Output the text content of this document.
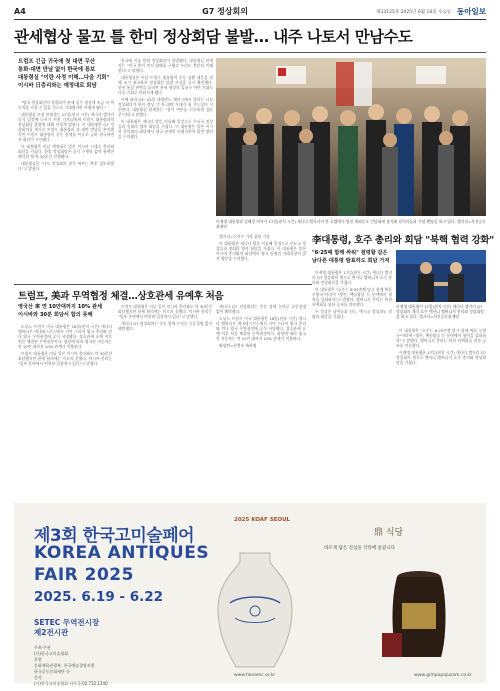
A4	G7 정상회의	제33125호 2025년 6월 18일 수요일 동아일보
관세협상 물꼬 틀 한미 정상회담 불발… 내주 나토서 만남수도
트럼프 긴급 귀국에 첫 대면 무산
통화·대면 만남 없이 한국에 통보
대통령실 "이란 사정 이해…다음 기회"
이시바 日총리와는 예정대로 회담

"양국 정상회담이 불발되며 관세 실무 협상에 조금 더 역동력을 가할 수 있을 것으로 기대했지만 아쉽게 됐다."

대통령실 고위 관계자는 17일(현지 시간) 캐나다 캘거리 공식 일정에 나서기 직전 기자들에게 트럼프 대통령과의 정상회담 불발에 대해 이렇게 밝혔다. 이 대통령은 G7 정상회의를 계기로 트럼프 대통령과 첫 대면 만남을 추진했지만 트럼프 대통령이 중동 정세를 이유로 급히 귀국하면서 회담이 무산됐다.

이 대통령은 이날 예정대로 일본 이시바 시게루 총리와 회담을 가졌다. 한일 정상회담은 공식 수행원 없이 통역만 배석한 채 약 30분간 진행됐다.

대통령실은 "나토 정상회의 참석 여부는 추후 검토하겠다"고 밝혔다.

한국에 이를 알려 정상회담이 불발됐다. 대통령실 관계자는 "미국 측이 먼저 양해를 구했고 우리도 충분히 이해한다"고 말했다.

대통령실은 이날 트럼프 대통령이 중동 상황 대응을 위해 조기 귀국하자 정상회담 불발 사실을 공식 확인했다. 한미 통상 현안을 둘러싼 관세 협상의 돌파구 마련 기대도 다음 기회로 미뤄지게 됐다.

이에 따라 24~25일 네덜란드 헤이그에서 열리는 나토 정상회의가 한미 정상 간 첫 대면 무대가 될 가능성이 거론된다. 대통령실 관계자는 "참석 여부를 신중하게 검토 중"이라고 말했다.

이 대통령은 캐나다 방문 이틀째 일정으로 주요국 정상들과 잇따라 양자 회담을 가졌다. 이 대통령은 일본 이시바 총리와의 회담에서 양국 관계의 미래지향적 발전 방안을 논의했다.

이재명 대통령과 김혜경 여사가 17일(현지 시간) 캐나다 캘거리의 한 호텔에서 열린 재외동포 간담회에 참석해 참석자들과 기념 촬영을 하고 있다. 캘거리=사진공동취재단

캘거리=신진우 기자 창원 기자

이 대통령은 캐나다 방문 이틀째 일정으로 주요국 정상들과 잇따라 양자 회담을 가졌다. 이 대통령은 일본 이시바 총리와의 회담에서 양국 관계의 미래지향적 발전 방안을 논의했다.

李대통령, 호주 총리와 회담 "북핵 협력 강화"
"6·25때 함께 싸워" 점령할 같은
남다른 대통령 발표하도 회담 가져
이재명 대통령이 17일(현지 시간) 캐나다 캘거리 G7 정상회의 계기 호주 앤서니 앨버니지 총리와 정상회담을 하고 있다. 캘거리=사진공동취재단

이재명 대통령은 17일(현지 시간) 캐나다 캘거리 G7 정상회의 계기로 앤서니 앨버니지 호주 총리와 정상회담을 가졌다.

이 대통령은 "호주는 6·25전쟁 당시 함께 싸운 우방국"이라며 "방산, 핵심광물 등 분야에서 협력을 강화하자"고 말했다. 앨버니지 총리는 북한 비핵화를 위한 공조를 약속했다.

두 정상은 남아공과 인도, 멕시코 정상과도 잇따라 회담을 가졌다.

이 대통령은 "호주는 6·25전쟁 당시 함께 싸운 우방국"이라며 "방산, 핵심광물 등 분야에서 협력을 강화하자"고 말했다. 앨버니지 총리는 북한 비핵화를 위한 공조를 약속했다.

이재명 대통령은 17일(현지 시간) 캐나다 캘거리 G7 정상회의 계기로 앤서니 앨버니지 호주 총리와 정상회담을 가졌다.

트럼프, 美과 무역협정 체결…상호관세 유예후 처음
영국산 車 연 10만대까지 10% 관세
이시바와 30분 회담서 합의 못해

도널드 트럼프 미국 대통령은 16일(현지 시간) 캐나다 앨버타주 캐내내스키스에서 키어 스타머 영국 총리와 만나 양국 무역협정에 공식 서명했다. 상호관세 유예 이후 처음 체결된 무역협정이다. 협정에 따라 영국산 자동차는 연 10만 대까지 10% 관세가 적용된다.

트럼프 대통령은 이날 일본 이시바 총리와도 약 30분간 회담했지만 관세 합의에는 이르지 못했다. 이시바 총리는 "일부 분야에서 여전히 입장차가 있다"고 말했다.

트럼프 대통령은 이날 일본 이시바 총리와도 약 30분간 회담했지만 관세 합의에는 이르지 못했다. 이시바 총리는 "일부 분야에서 여전히 입장차가 있다"고 말했다.

캐나다 G7 정상회의는 중동 정세 논의로 공동성명 없이 폐막했다.

캐나다 G7 정상회의는 중동 정세 논의로 공동성명 없이 폐막했다.

도널드 트럼프 미국 대통령은 16일(현지 시간) 캐나다 앨버타주 캐내내스키스에서 키어 스타머 영국 총리와 만나 양국 무역협정에 공식 서명했다. 상호관세 유예 이후 처음 체결된 무역협정이다. 협정에 따라 영국산 자동차는 연 10만 대까지 10% 관세가 적용된다.

워싱턴=신진우 특파원

제3회 한국고미술페어
KOREA ANTIQUES
FAIR 2025
2025. 6.19 - 6.22
SETEC 무역전시장
제2전시관
주최·주관
(사)한국고미술협회
후원
문화체육관광부, 한국예술경영지원
한국골동문화재단 등
문의
(사)한국고미술협회 사무국 02.732.1240
2025 KOAF SEOUL
www.hkoamc.or.kr
鼎 식당
바르게 담은 진심을 식탁에 올립니다
www.gimpopajusam.co.kr
